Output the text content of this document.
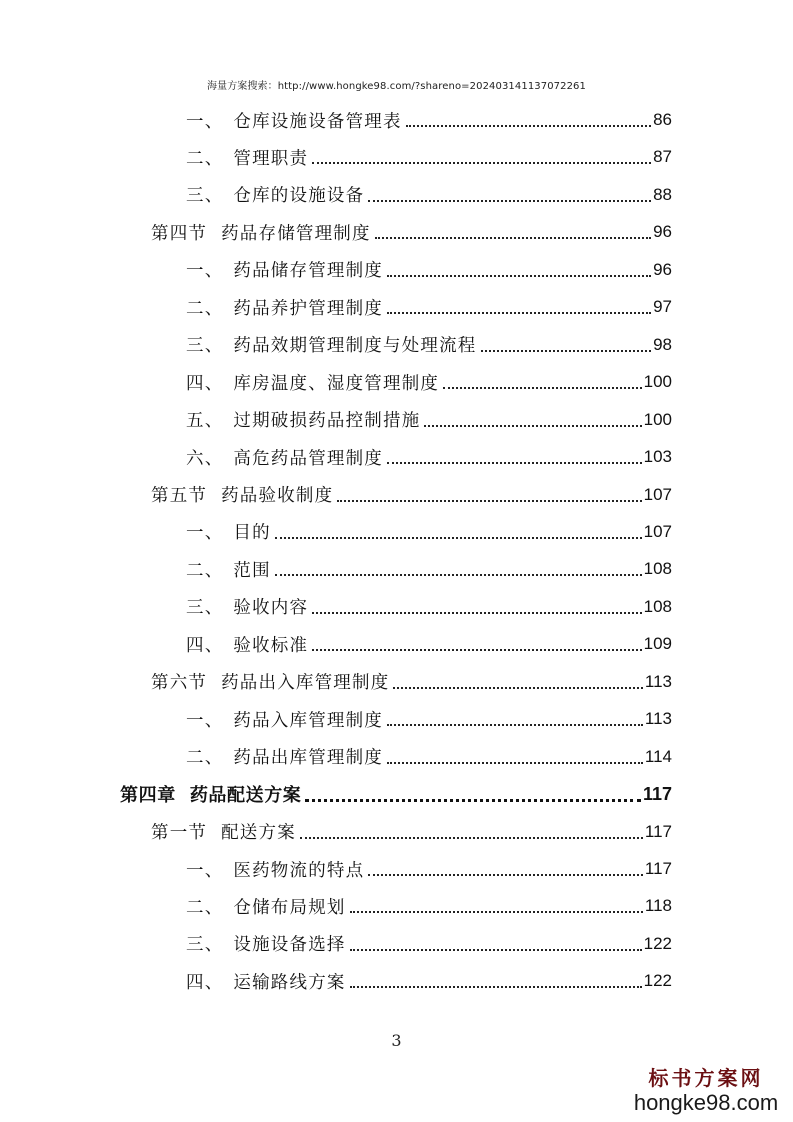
海量方案搜索：http://www.hongke98.com/?shareno=202403141137072261
一、 仓库设施设备管理表	86
二、 管理职责	87
三、 仓库的设施设备	88
第四节 药品存储管理制度	96
一、 药品储存管理制度	96
二、 药品养护管理制度	97
三、 药品效期管理制度与处理流程	98
四、 库房温度、湿度管理制度	100
五、 过期破损药品控制措施	100
六、 高危药品管理制度	103
第五节 药品验收制度	107
一、 目的	107
二、 范围	108
三、 验收内容	108
四、 验收标准	109
第六节 药品出入库管理制度	113
一、 药品入库管理制度	113
二、 药品出库管理制度	114
第四章 药品配送方案	117
第一节 配送方案	117
一、 医药物流的特点	117
二、 仓储布局规划	118
三、 设施设备选择	122
四、 运输路线方案	122
3
标书方案网
hongke98.com
